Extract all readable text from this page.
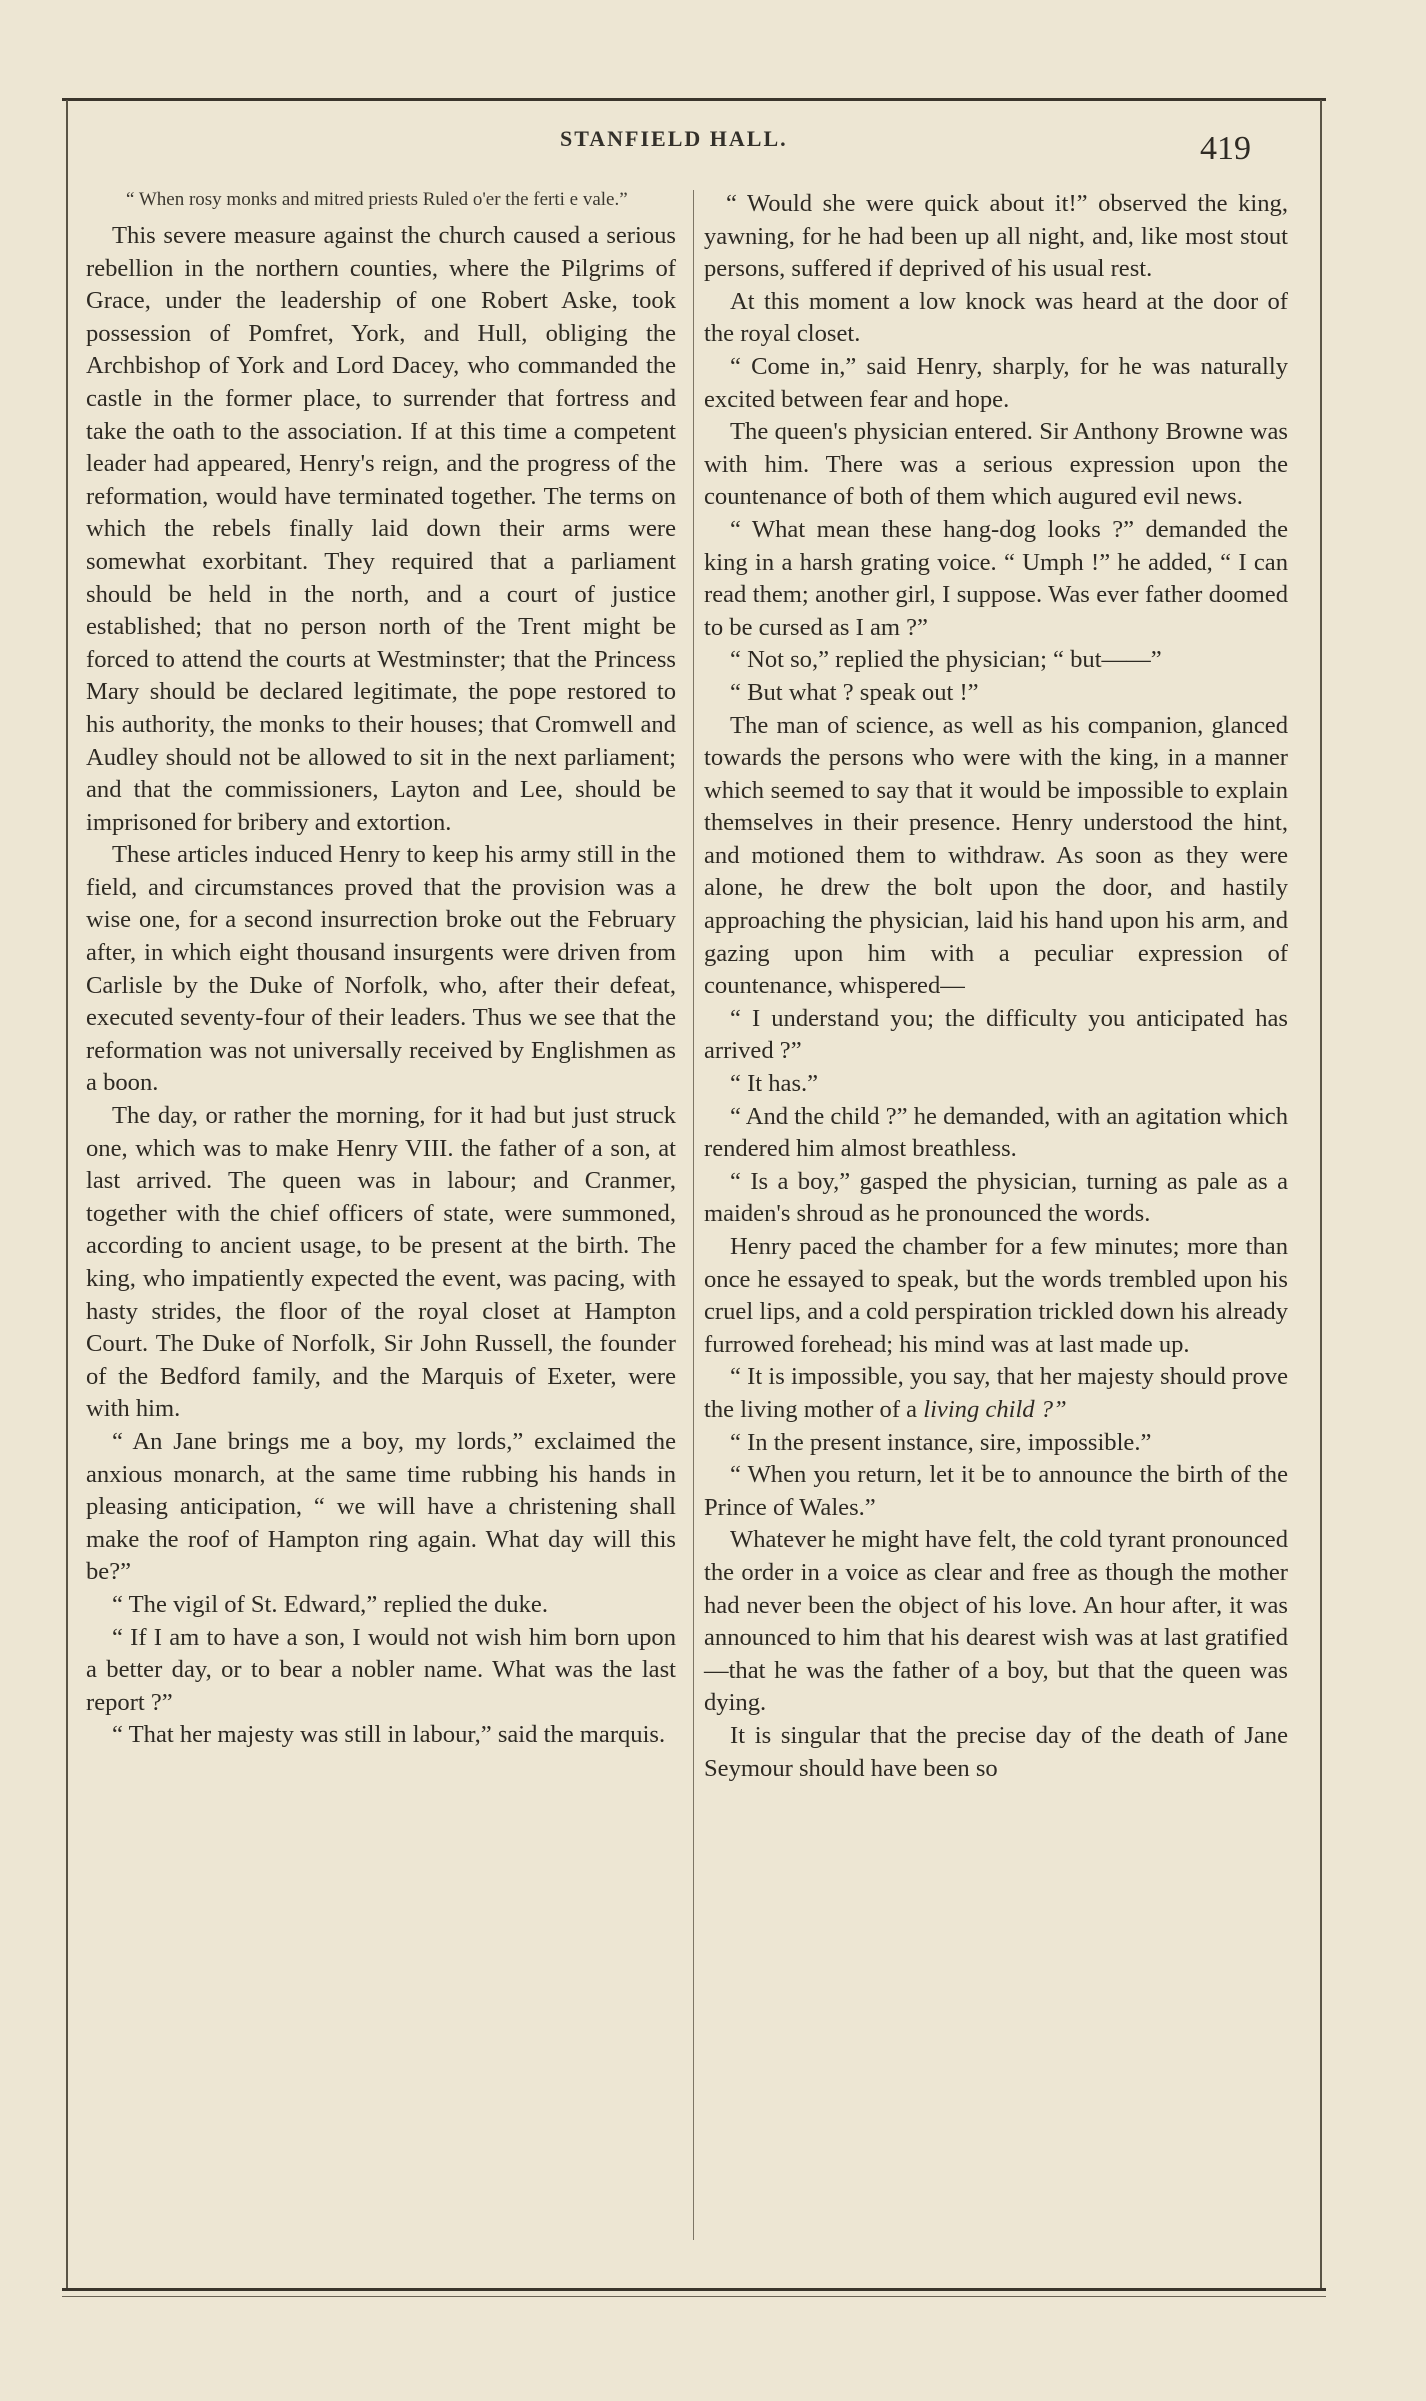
STANFIELD HALL.	419

“ When rosy monks and mitred priests Ruled o'er the ferti e vale.”

This severe measure against the church caused a serious rebellion in the northern counties, where the Pilgrims of Grace, under the leadership of one Robert Aske, took possession of Pomfret, York, and Hull, obliging the Archbishop of York and Lord Dacey, who commanded the castle in the former place, to surrender that fortress and take the oath to the association. If at this time a competent leader had appeared, Henry's reign, and the progress of the reformation, would have terminated together. The terms on which the rebels finally laid down their arms were somewhat exorbitant. They required that a parliament should be held in the north, and a court of justice established; that no person north of the Trent might be forced to attend the courts at Westminster; that the Princess Mary should be declared legitimate, the pope restored to his authority, the monks to their houses; that Cromwell and Audley should not be allowed to sit in the next parliament; and that the commissioners, Layton and Lee, should be imprisoned for bribery and extortion.

These articles induced Henry to keep his army still in the field, and circumstances proved that the provision was a wise one, for a second insurrection broke out the February after, in which eight thousand insurgents were driven from Carlisle by the Duke of Norfolk, who, after their defeat, executed seventy-four of their leaders. Thus we see that the reformation was not universally received by Englishmen as a boon.

The day, or rather the morning, for it had but just struck one, which was to make Henry VIII. the father of a son, at last arrived. The queen was in labour; and Cranmer, together with the chief officers of state, were summoned, according to ancient usage, to be present at the birth. The king, who impatiently expected the event, was pacing, with hasty strides, the floor of the royal closet at Hampton Court. The Duke of Norfolk, Sir John Russell, the founder of the Bedford family, and the Marquis of Exeter, were with him.

“ An Jane brings me a boy, my lords,” exclaimed the anxious monarch, at the same time rubbing his hands in pleasing anticipation, “ we will have a christening shall make the roof of Hampton ring again. What day will this be?”

“ The vigil of St. Edward,” replied the duke.

“ If I am to have a son, I would not wish him born upon a better day, or to bear a nobler name. What was the last report ?”

“ That her majesty was still in labour,” said the marquis.

“ Would she were quick about it!” observed the king, yawning, for he had been up all night, and, like most stout persons, suffered if deprived of his usual rest.

At this moment a low knock was heard at the door of the royal closet.

“ Come in,” said Henry, sharply, for he was naturally excited between fear and hope.

The queen's physician entered. Sir Anthony Browne was with him. There was a serious expression upon the countenance of both of them which augured evil news.

“ What mean these hang-dog looks ?” demanded the king in a harsh grating voice. “ Umph !” he added, “ I can read them; another girl, I suppose. Was ever father doomed to be cursed as I am ?”

“ Not so,” replied the physician; “ but——”

“ But what ? speak out !”

The man of science, as well as his companion, glanced towards the persons who were with the king, in a manner which seemed to say that it would be impossible to explain themselves in their presence. Henry understood the hint, and motioned them to withdraw. As soon as they were alone, he drew the bolt upon the door, and hastily approaching the physician, laid his hand upon his arm, and gazing upon him with a peculiar expression of countenance, whispered—

“ I understand you; the difficulty you anticipated has arrived ?”

“ It has.”

“ And the child ?” he demanded, with an agitation which rendered him almost breathless.

“ Is a boy,” gasped the physician, turning as pale as a maiden's shroud as he pronounced the words.

Henry paced the chamber for a few minutes; more than once he essayed to speak, but the words trembled upon his cruel lips, and a cold perspiration trickled down his already furrowed forehead; his mind was at last made up.

“ It is impossible, you say, that her majesty should prove the living mother of a living child ?”

“ In the present instance, sire, impossible.”

“ When you return, let it be to announce the birth of the Prince of Wales.”

Whatever he might have felt, the cold tyrant pronounced the order in a voice as clear and free as though the mother had never been the object of his love. An hour after, it was announced to him that his dearest wish was at last gratified—that he was the father of a boy, but that the queen was dying.

It is singular that the precise day of the death of Jane Seymour should have been so
